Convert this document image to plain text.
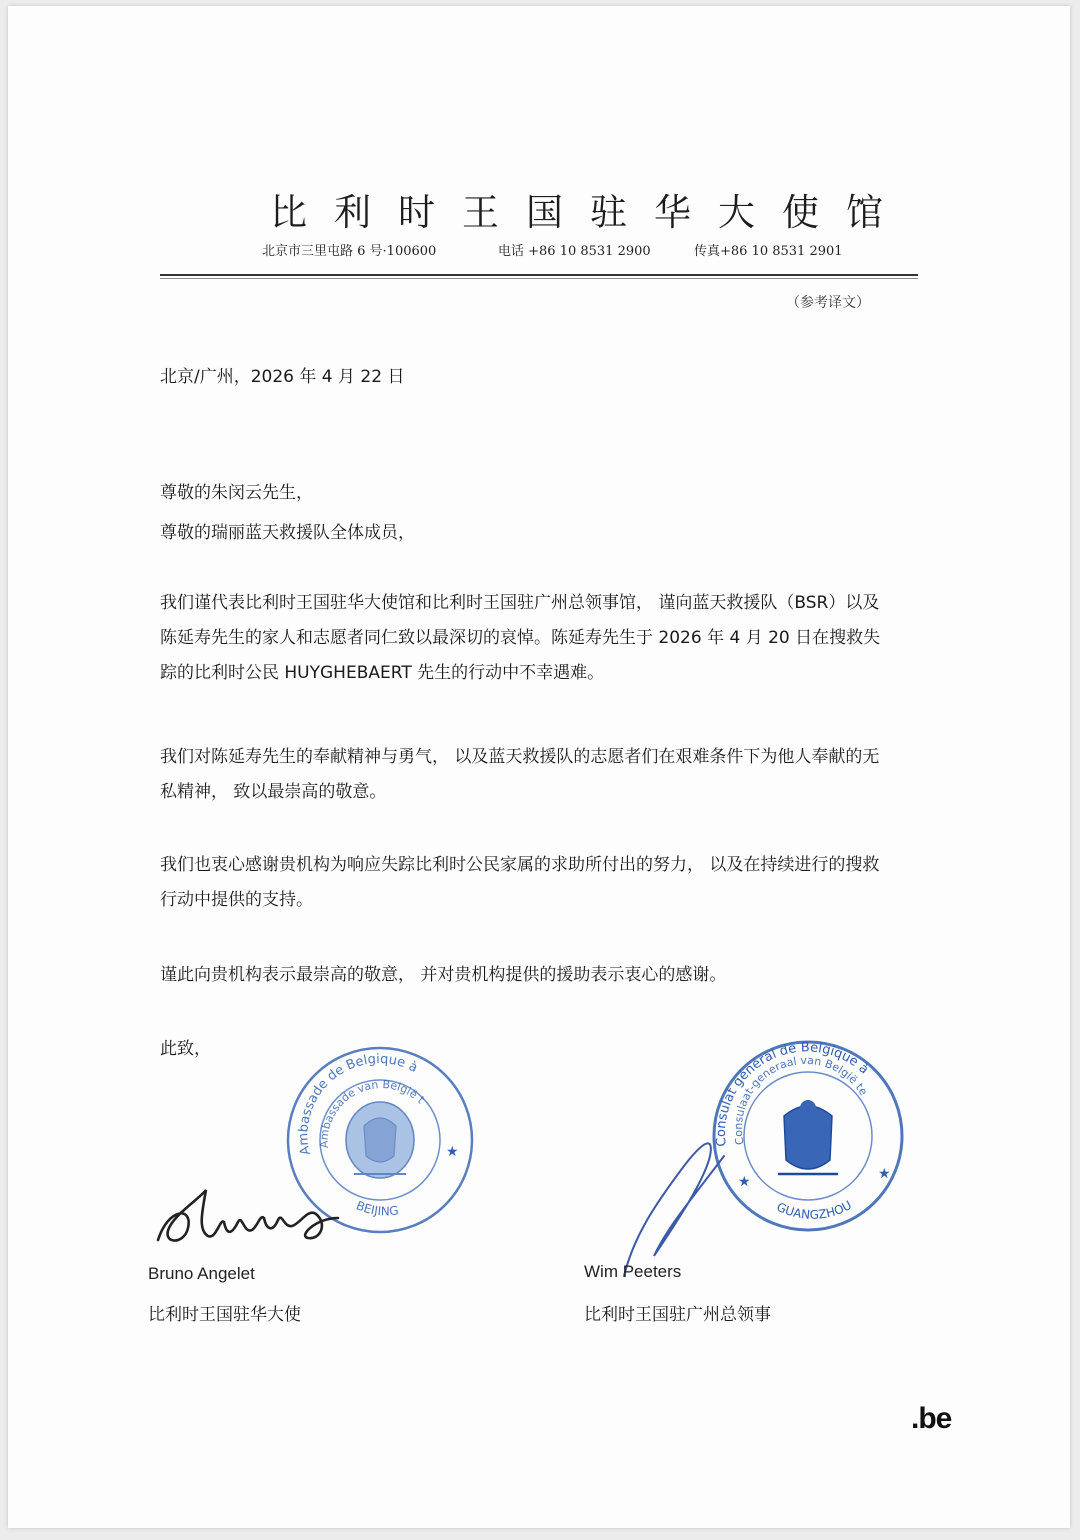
比利时王国驻华大使馆
北京市三里屯路 6 号·100600	电话 +86 10 8531 2900	传真+86 10 8531 2901
（参考译文）
北京/广州，2026 年 4 月 22 日
尊敬的朱闵云先生，
尊敬的瑞丽蓝天救援队全体成员，
我们谨代表比利时王国驻华大使馆和比利时王国驻广州总领事馆， 谨向蓝天救援队（BSR）以及陈延寿先生的家人和志愿者同仁致以最深切的哀悼。陈延寿先生于 2026 年 4 月 20 日在搜救失踪的比利时公民 HUYGHEBAERT 先生的行动中不幸遇难。
我们对陈延寿先生的奉献精神与勇气， 以及蓝天救援队的志愿者们在艰难条件下为他人奉献的无私精神， 致以最崇高的敬意。
我们也衷心感谢贵机构为响应失踪比利时公民家属的求助所付出的努力， 以及在持续进行的搜救行动中提供的支持。
谨此向贵机构表示最崇高的敬意， 并对贵机构提供的援助表示衷心的感谢。
此致，
Ambassade de Belgique à
Ambassade van België te
BEIJING
★
Consulat général de Belgique à
Consulaat-generaal van België te
GUANGZHOU
★	★
Bruno Angelet
比利时王国驻华大使
Wim Peeters
比利时王国驻广州总领事
.be
